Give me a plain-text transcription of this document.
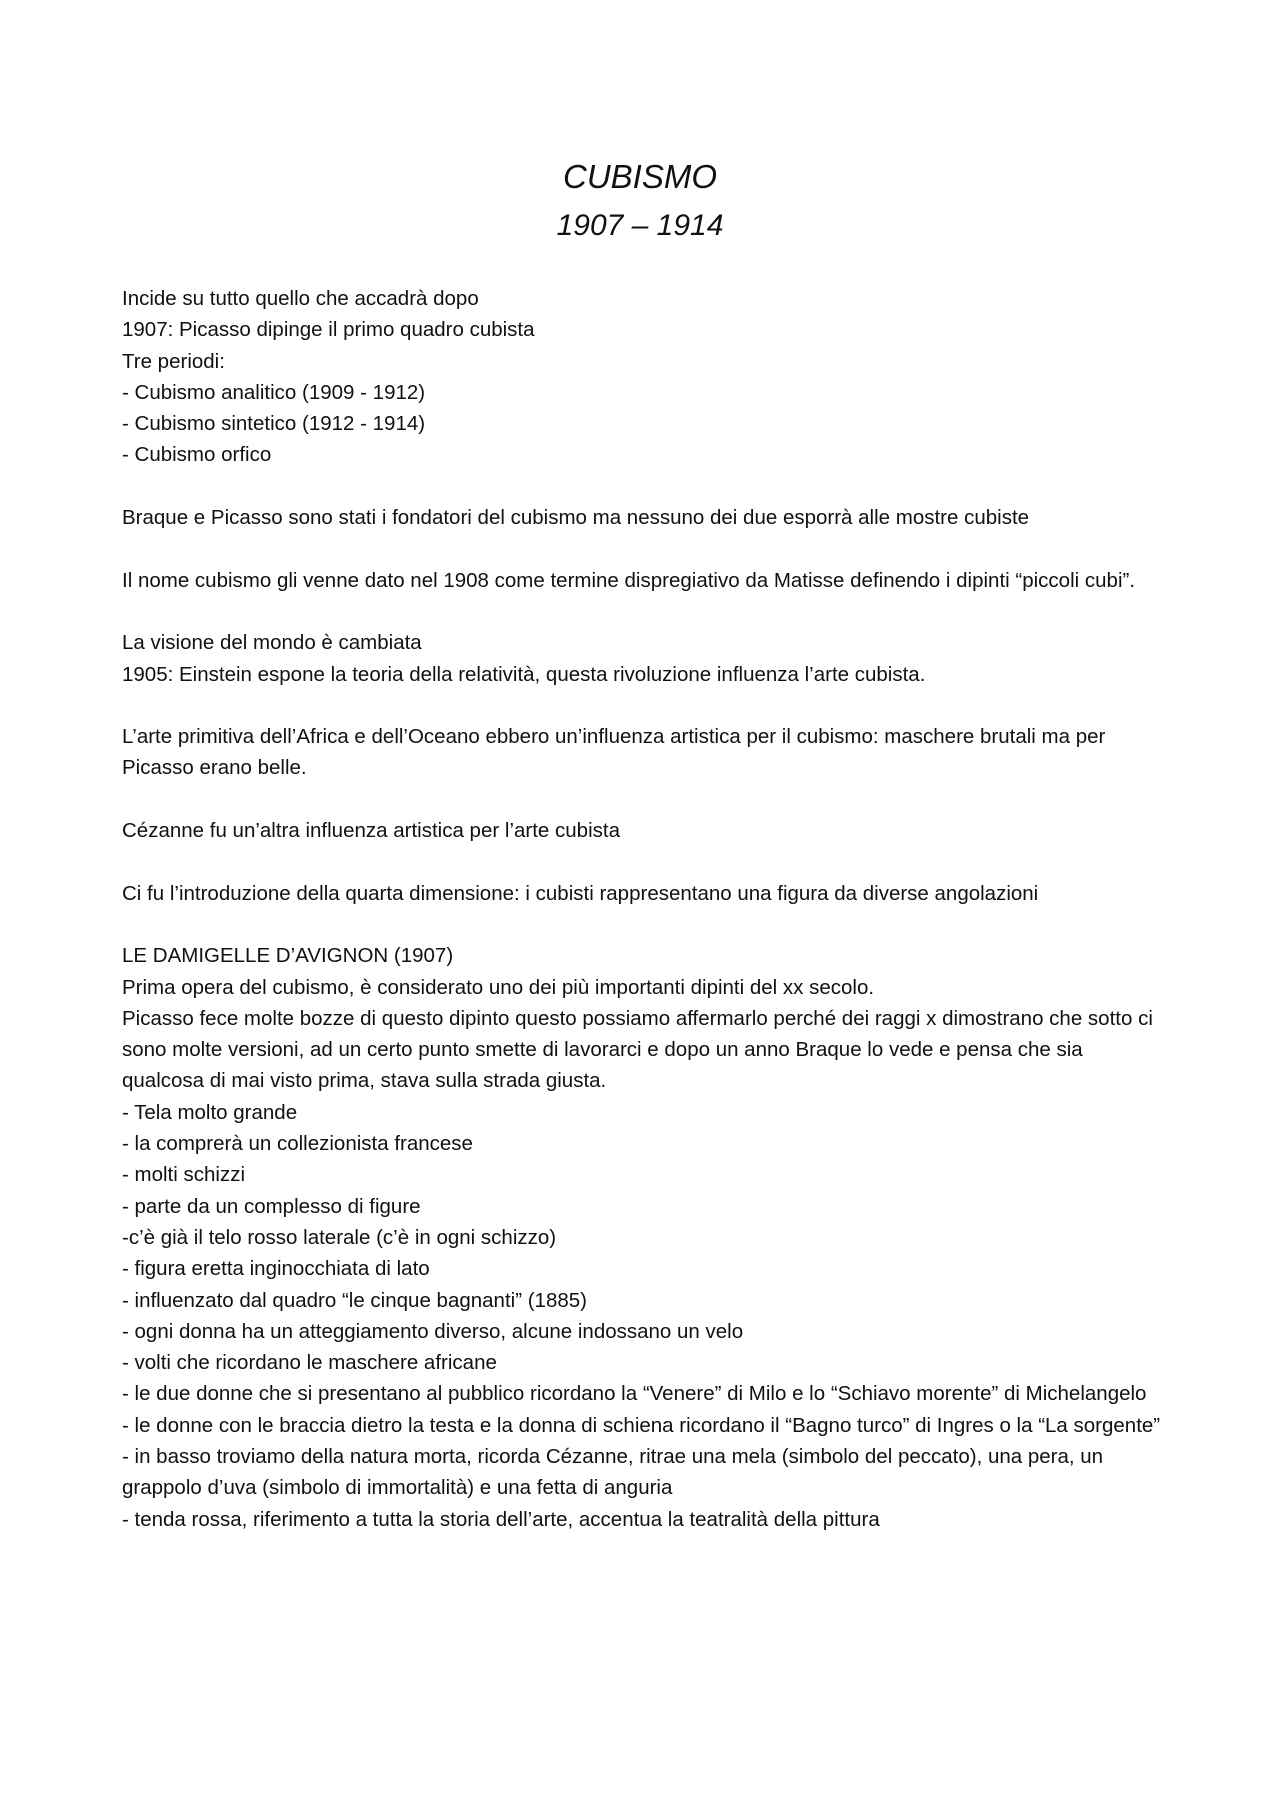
CUBISMO
1907 – 1914

Incide su tutto quello che accadrà dopo

1907: Picasso dipinge il primo quadro cubista

Tre periodi:

- Cubismo analitico (1909 - 1912)

- Cubismo sintetico (1912 - 1914)

- Cubismo orfico

Braque e Picasso sono stati i fondatori del cubismo ma nessuno dei due esporrà alle mostre cubiste

Il nome cubismo gli venne dato nel 1908 come termine dispregiativo da Matisse definendo i dipinti “piccoli cubi”.

La visione del mondo è cambiata

1905: Einstein espone la teoria della relatività, questa rivoluzione influenza l’arte cubista.

L’arte primitiva dell’Africa e dell’Oceano ebbero un’influenza artistica per il cubismo: maschere brutali ma per Picasso erano belle.

Cézanne fu un’altra influenza artistica per l’arte cubista

Ci fu l’introduzione della quarta dimensione: i cubisti rappresentano una figura da diverse angolazioni

LE DAMIGELLE D’AVIGNON (1907)

Prima opera del cubismo, è considerato uno dei più importanti dipinti del xx secolo.

Picasso fece molte bozze di questo dipinto questo possiamo affermarlo perché dei raggi x dimostrano che sotto ci sono molte versioni, ad un certo punto smette di lavorarci e dopo un anno Braque lo vede e pensa che sia qualcosa di mai visto prima, stava sulla strada giusta.

- Tela molto grande

- la comprerà un collezionista francese

- molti schizzi

- parte da un complesso di figure

-c’è già il telo rosso laterale (c’è in ogni schizzo)

- figura eretta inginocchiata di lato

- influenzato dal quadro “le cinque bagnanti” (1885)

- ogni donna ha un atteggiamento diverso, alcune indossano un velo

- volti che ricordano le maschere africane

- le due donne che si presentano al pubblico ricordano la “Venere” di Milo e lo “Schiavo morente” di Michelangelo

- le donne con le braccia dietro la testa e la donna di schiena ricordano il “Bagno turco” di Ingres o la “La sorgente”

- in basso troviamo della natura morta, ricorda Cézanne, ritrae una mela (simbolo del peccato), una pera, un grappolo d’uva (simbolo di immortalità) e una fetta di anguria

- tenda rossa, riferimento a tutta la storia dell’arte, accentua la teatralità della pittura
